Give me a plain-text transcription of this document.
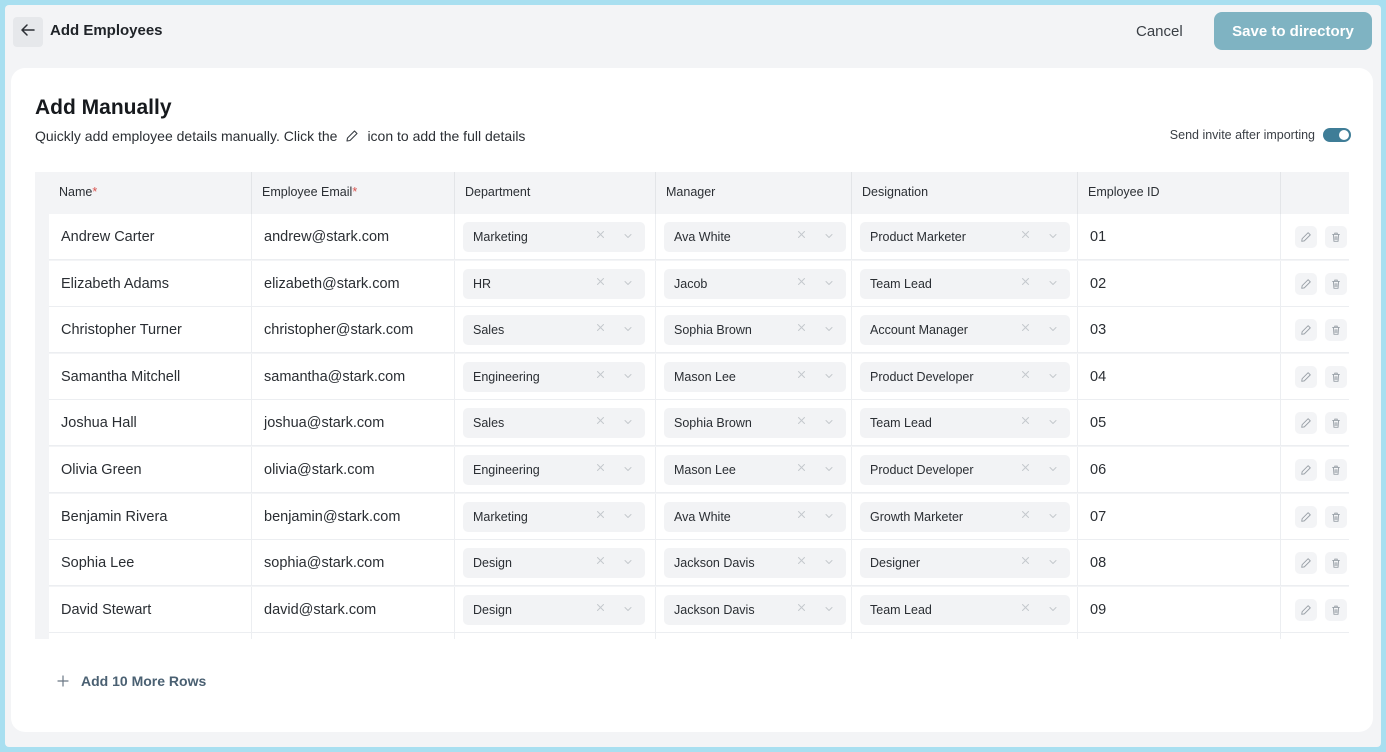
Add Employees	Cancel	Save to directory
Add Manually
Quickly add employee details manually. Click the icon to add the full details	Send invite after importing
Name*	Employee Email*	Department	Manager	Designation	Employee ID
Andrew Carter	andrew@stark.com	Marketing	Ava White	Product Marketer	01
Elizabeth Adams	elizabeth@stark.com	HR	Jacob	Team Lead	02
Christopher Turner	christopher@stark.com	Sales	Sophia Brown	Account Manager	03
Samantha Mitchell	samantha@stark.com	Engineering	Mason Lee	Product Developer	04
Joshua Hall	joshua@stark.com	Sales	Sophia Brown	Team Lead	05
Olivia Green	olivia@stark.com	Engineering	Mason Lee	Product Developer	06
Benjamin Rivera	benjamin@stark.com	Marketing	Ava White	Growth Marketer	07
Sophia Lee	sophia@stark.com	Design	Jackson Davis	Designer	08
David Stewart	david@stark.com	Design	Jackson Davis	Team Lead	09
Add 10 More Rows
